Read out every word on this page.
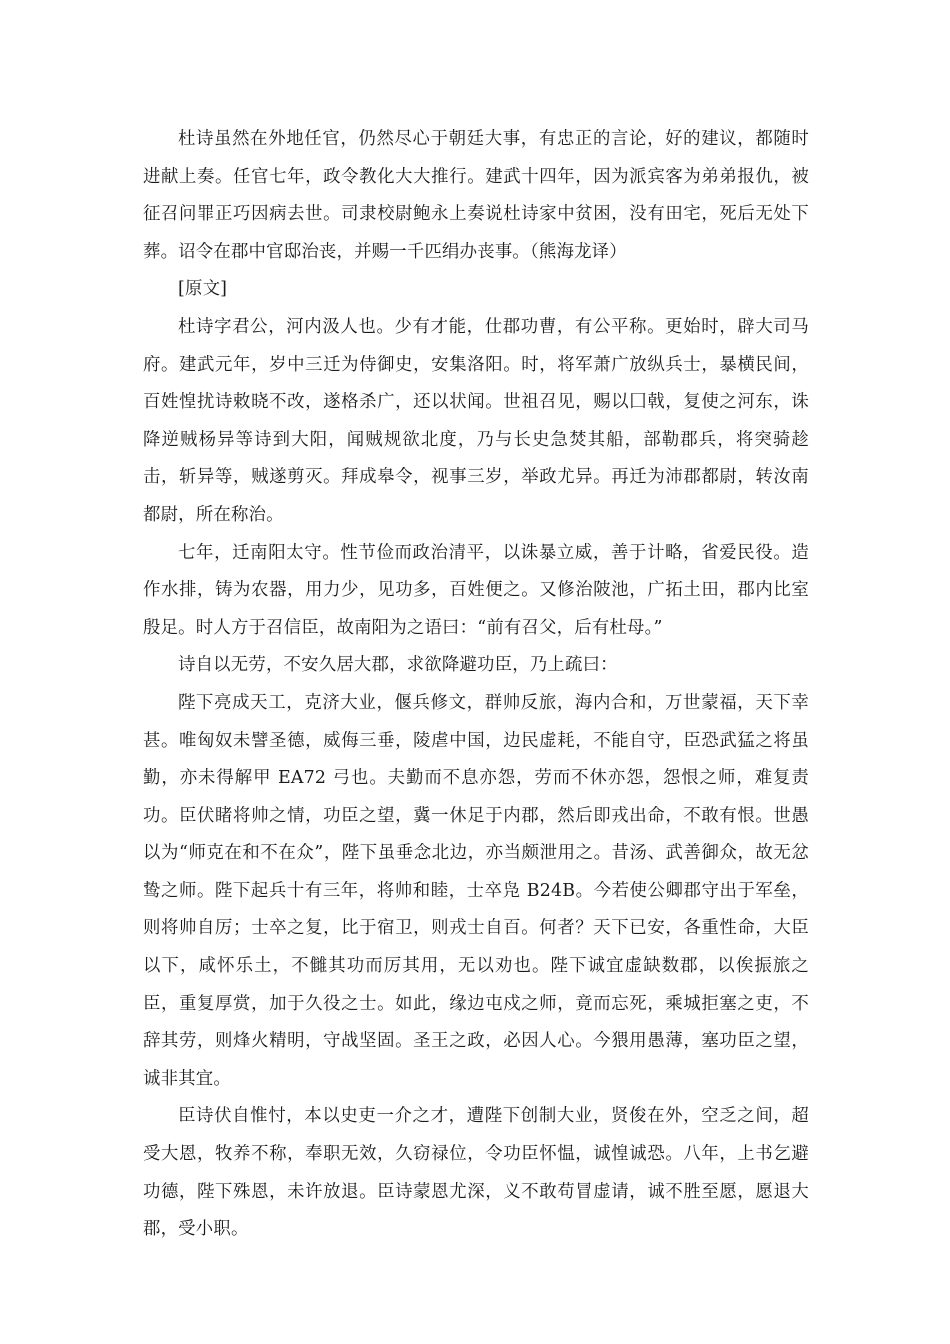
杜诗虽然在外地任官，仍然尽心于朝廷大事，有忠正的言论，好的建议，都随时进献上奏。任官七年，政令教化大大推行。建武十四年，因为派宾客为弟弟报仇，被征召问罪正巧因病去世。司隶校尉鲍永上奏说杜诗家中贫困，没有田宅，死后无处下葬。诏令在郡中官邸治丧，并赐一千匹绢办丧事。（熊海龙译）

[原文]

杜诗字君公，河内汲人也。少有才能，仕郡功曹，有公平称。更始时，辟大司马府。建武元年，岁中三迁为侍御史，安集洛阳。时，将军萧广放纵兵士，暴横民间，百姓惶扰诗敕晓不改，遂格杀广，还以状闻。世祖召见，赐以囗戟，复使之河东，诛降逆贼杨异等诗到大阳，闻贼规欲北度，乃与长史急焚其船，部勒郡兵，将突骑趁击，斩异等，贼遂剪灭。拜成皋令，视事三岁，举政尤异。再迁为沛郡都尉，转汝南都尉，所在称治。

七年，迁南阳太守。性节俭而政治清平，以诛暴立威，善于计略，省爱民役。造作水排，铸为农器，用力少，见功多，百姓便之。又修治陂池，广拓土田，郡内比室殷足。时人方于召信臣，故南阳为之语曰：“前有召父，后有杜母。”

诗自以无劳，不安久居大郡，求欲降避功臣，乃上疏曰：

陛下亮成天工，克济大业，偃兵修文，群帅反旅，海内合和，万世蒙福，天下幸甚。唯匈奴未譬圣德，威侮三垂，陵虐中国，边民虚耗，不能自守，臣恐武猛之将虽勤，亦未得解甲 EA72 弓也。夫勤而不息亦怨，劳而不休亦怨，怨恨之师，难复责功。臣伏睹将帅之情，功臣之望，冀一休足于内郡，然后即戎出命，不敢有恨。世愚以为“师克在和不在众”，陛下虽垂念北边，亦当颇泄用之。昔汤、武善御众，故无忿鸷之师。陛下起兵十有三年，将帅和睦，士卒凫 B24B。今若使公卿郡守出于军垒，则将帅自厉；士卒之复，比于宿卫，则戎士自百。何者？天下已安，各重性命，大臣以下，咸怀乐土，不雠其功而厉其用，无以劝也。陛下诚宜虚缺数郡，以俟振旅之臣，重复厚赏，加于久役之士。如此，缘边屯戍之师，竟而忘死，乘城拒塞之吏，不辞其劳，则烽火精明，守战坚固。圣王之政，必因人心。今猥用愚薄，塞功臣之望，诚非其宜。

臣诗伏自惟忖，本以史吏一介之才，遭陛下创制大业，贤俊在外，空乏之间，超受大恩，牧养不称，奉职无效，久窃禄位，令功臣怀愠，诚惶诚恐。八年，上书乞避功德，陛下殊恩，未许放退。臣诗蒙恩尤深，义不敢苟冒虚请，诚不胜至愿，愿退大郡，受小职。
